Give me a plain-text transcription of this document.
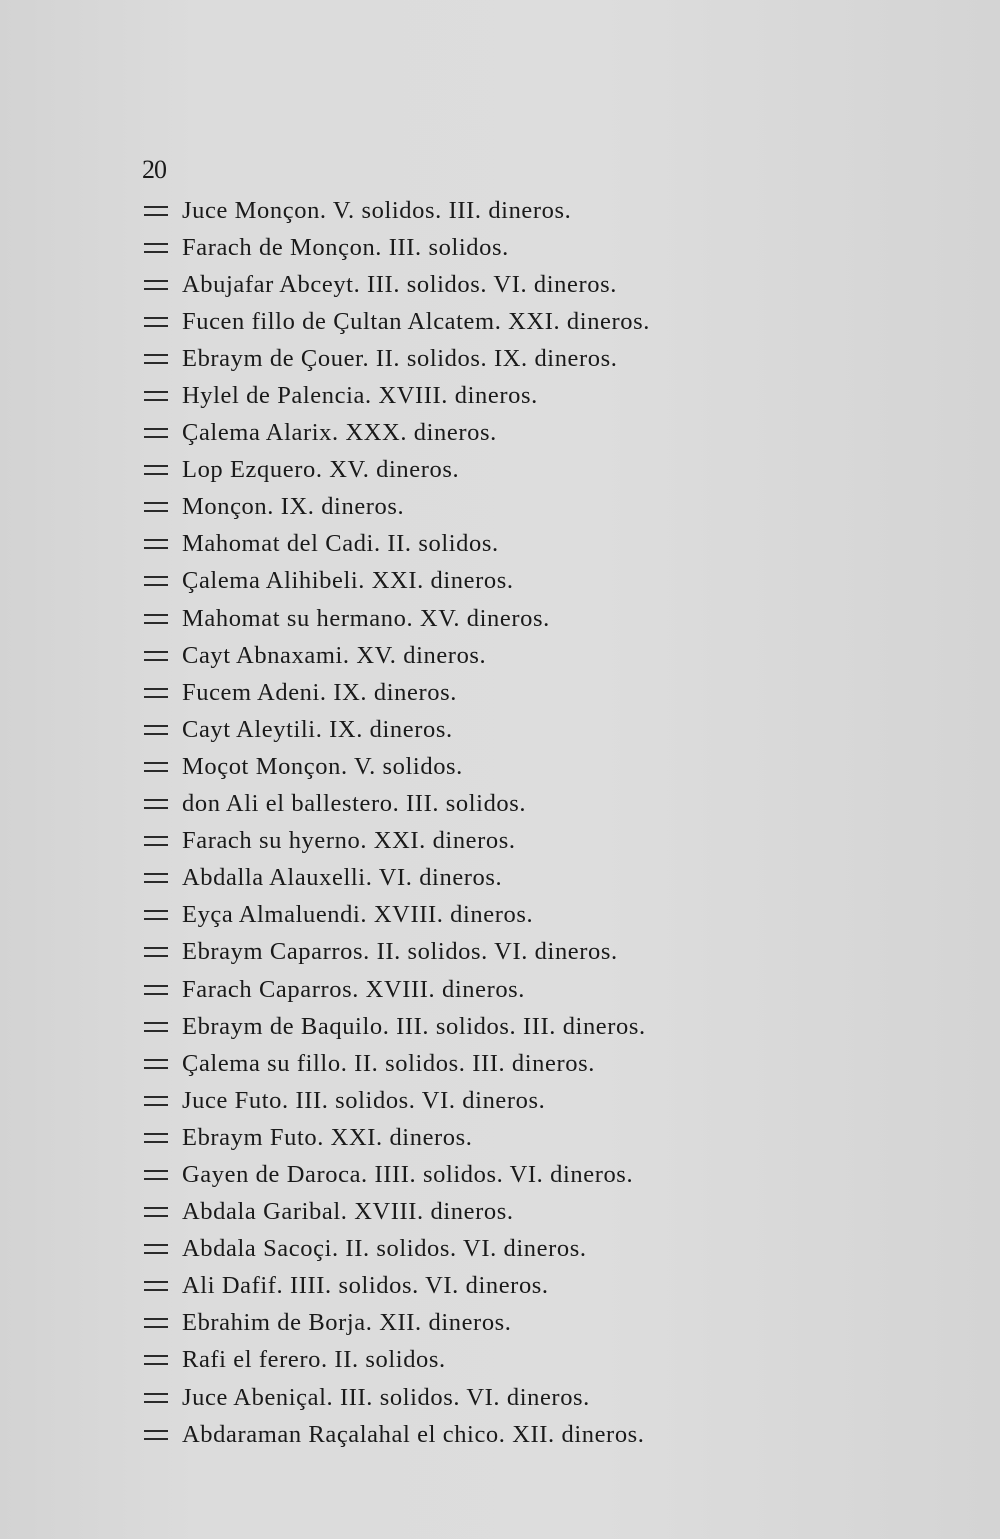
20
Juce Monçon. V. solidos. III. dineros.
Farach de Monçon. III. solidos.
Abujafar Abceyt. III. solidos. VI. dineros.
Fucen fillo de Çultan Alcatem. XXI. dineros.
Ebraym de Çouer. II. solidos. IX. dineros.
Hylel de Palencia. XVIII. dineros.
Çalema Alarix. XXX. dineros.
Lop Ezquero. XV. dineros.
Monçon. IX. dineros.
Mahomat del Cadi. II. solidos.
Çalema Alihibeli. XXI. dineros.
Mahomat su hermano. XV. dineros.
Cayt Abnaxami. XV. dineros.
Fucem Adeni. IX. dineros.
Cayt Aleytili. IX. dineros.
Moçot Monçon. V. solidos.
don Ali el ballestero. III. solidos.
Farach su hyerno. XXI. dineros.
Abdalla Alauxelli. VI. dineros.
Eyça Almaluendi. XVIII. dineros.
Ebraym Caparros. II. solidos. VI. dineros.
Farach Caparros. XVIII. dineros.
Ebraym de Baquilo. III. solidos. III. dineros.
Çalema su fillo. II. solidos. III. dineros.
Juce Futo. III. solidos. VI. dineros.
Ebraym Futo. XXI. dineros.
Gayen de Daroca. IIII. solidos. VI. dineros.
Abdala Garibal. XVIII. dineros.
Abdala Sacoçi. II. solidos. VI. dineros.
Ali Dafif. IIII. solidos. VI. dineros.
Ebrahim de Borja. XII. dineros.
Rafi el ferero. II. solidos.
Juce Abeniçal. III. solidos. VI. dineros.
Abdaraman Raçalahal el chico. XII. dineros.
